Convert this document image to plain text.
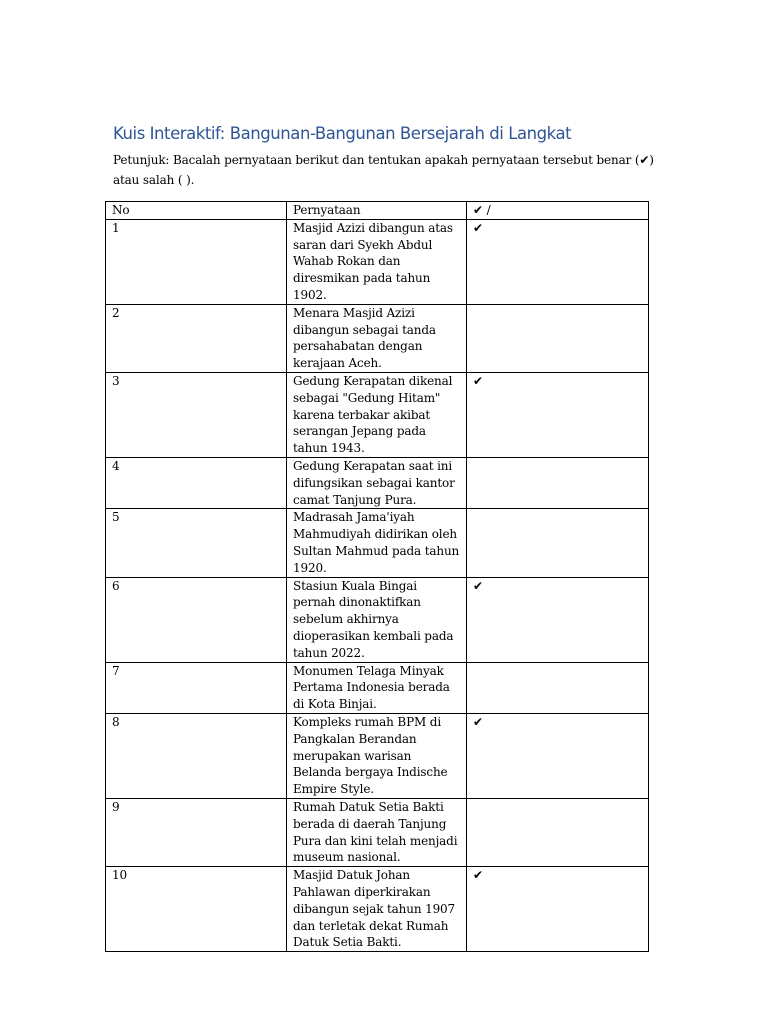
Kuis Interaktif: Bangunan-Bangunan Bersejarah di Langkat

Petunjuk: Bacalah pernyataan berikut dan tentukan apakah pernyataan tersebut benar (✔) atau salah ( ).

No	Pernyataan	✔ /
1	Masjid Azizi dibangun atas saran dari Syekh Abdul Wahab Rokan dan diresmikan pada tahun 1902.	✔
2	Menara Masjid Azizi dibangun sebagai tanda persahabatan dengan kerajaan Aceh.	
3	Gedung Kerapatan dikenal sebagai "Gedung Hitam" karena terbakar akibat serangan Jepang pada tahun 1943.	✔
4	Gedung Kerapatan saat ini difungsikan sebagai kantor camat Tanjung Pura.	
5	Madrasah Jama'iyah Mahmudiyah didirikan oleh Sultan Mahmud pada tahun 1920.	
6	Stasiun Kuala Bingai pernah dinonaktifkan sebelum akhirnya dioperasikan kembali pada tahun 2022.	✔
7	Monumen Telaga Minyak Pertama Indonesia berada di Kota Binjai.	
8	Kompleks rumah BPM di Pangkalan Berandan merupakan warisan Belanda bergaya Indische Empire Style.	✔
9	Rumah Datuk Setia Bakti berada di daerah Tanjung Pura dan kini telah menjadi museum nasional.	
10	Masjid Datuk Johan Pahlawan diperkirakan dibangun sejak tahun 1907 dan terletak dekat Rumah Datuk Setia Bakti.	✔
